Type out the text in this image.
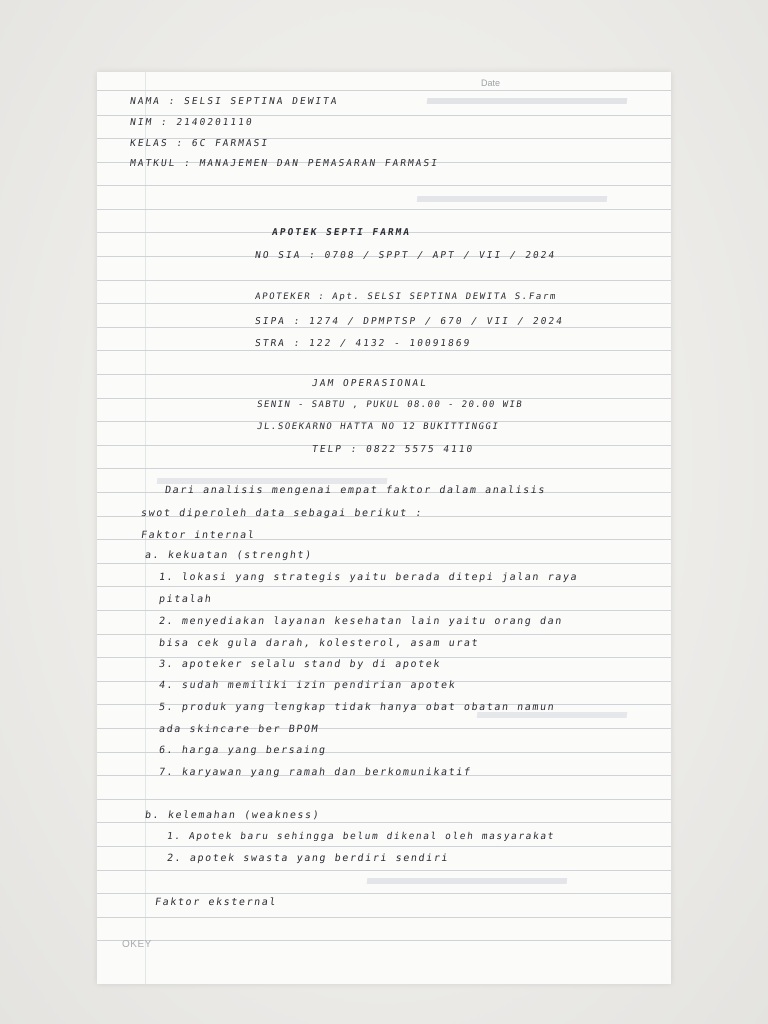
Date
NAMA : SELSI SEPTINA DEWITA
NIM : 2140201110
KELAS : 6C FARMASI
MATKUL : MANAJEMEN DAN PEMASARAN FARMASI
APOTEK SEPTI FARMA
NO SIA : 0708 / SPPT / APT / VII / 2024
APOTEKER : Apt. SELSI SEPTINA DEWITA S.Farm
SIPA : 1274 / DPMPTSP / 670 / VII / 2024
STRA : 122 / 4132 - 10091869
JAM OPERASIONAL
SENIN - SABTU , PUKUL 08.00 - 20.00 WIB
JL.SOEKARNO HATTA NO 12 BUKITTINGGI
TELP : 0822 5575 4110
Dari analisis mengenai empat faktor dalam analisis
swot diperoleh data sebagai berikut :
Faktor internal
a. kekuatan (strenght)
1. lokasi yang strategis yaitu berada ditepi jalan raya
pitalah
2. menyediakan layanan kesehatan lain yaitu orang dan
bisa cek gula darah, kolesterol, asam urat
3. apoteker selalu stand by di apotek
4. sudah memiliki izin pendirian apotek
5. produk yang lengkap tidak hanya obat obatan namun
ada skincare ber BPOM
6. harga yang bersaing
7. karyawan yang ramah dan berkomunikatif
b. kelemahan (weakness)
1. Apotek baru sehingga belum dikenal oleh masyarakat
2. apotek swasta yang berdiri sendiri
Faktor eksternal
OKEY
